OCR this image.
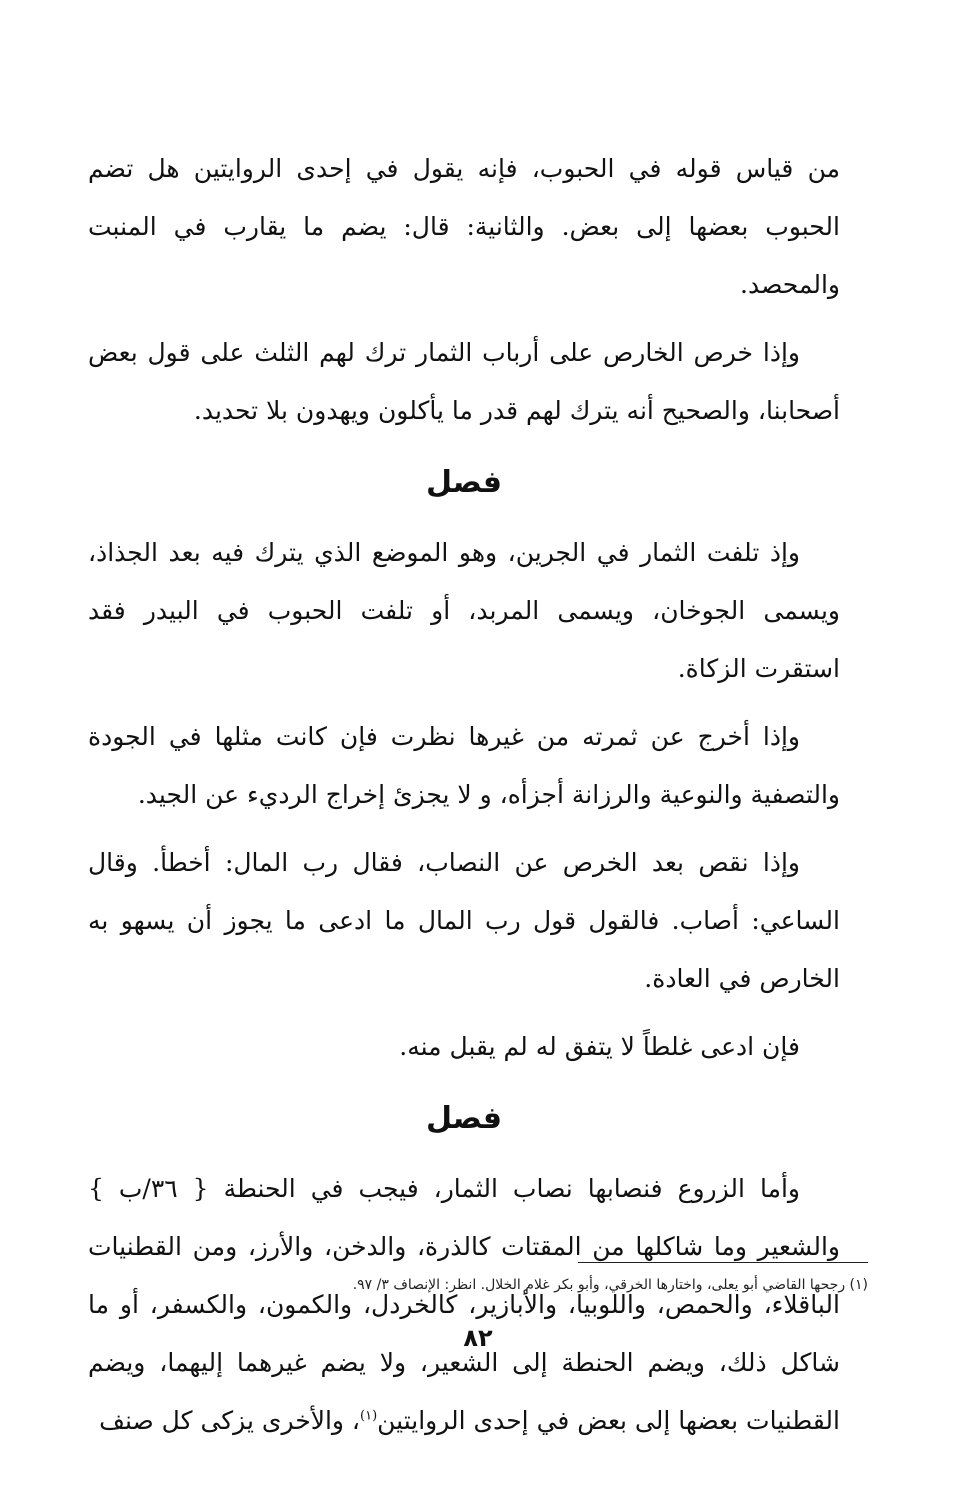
من قياس قوله في الحبوب، فإنه يقول في إحدى الروايتين هل تضم الحبوب بعضها إلى بعض. والثانية: قال: يضم ما يقارب في المنبت والمحصد.

وإذا خرص الخارص على أرباب الثمار ترك لهم الثلث على قول بعض أصحابنا، والصحيح أنه يترك لهم قدر ما يأكلون ويهدون بلا تحديد.

فصل

وإذ تلفت الثمار في الجرين، وهو الموضع الذي يترك فيه بعد الجذاذ، ويسمى الجوخان، ويسمى المربد، أو تلفت الحبوب في البيدر فقد استقرت الزكاة.

وإذا أخرج عن ثمرته من غيرها نظرت فإن كانت مثلها في الجودة والتصفية والنوعية والرزانة أجزأه، و لا يجزئ إخراج الرديء عن الجيد.

وإذا نقص بعد الخرص عن النصاب، فقال رب المال: أخطأ. وقال الساعي: أصاب. فالقول قول رب المال ما ادعى ما يجوز أن يسهو به الخارص في العادة.

فإن ادعى غلطاً لا يتفق له لم يقبل منه.

فصل

وأما الزروع فنصابها نصاب الثمار، فيجب في الحنطة { ٣٦/ب } والشعير وما شاكلها من المقتات كالذرة، والدخن، والأرز، ومن القطنيات الباقلاء، والحمص، واللوبيا، والأبازير، كالخردل، والكمون، والكسفر، أو ما شاكل ذلك، ويضم الحنطة إلى الشعير، ولا يضم غيرهما إليهما، ويضم القطنيات بعضها إلى بعض في إحدى الروايتين$^{(١)}$، والأخرى يزكى كل صنف

(١) رجحها القاضي أبو يعلى، واختارها الخرقي، وأبو بكر غلام الخلال. انظر: الإنصاف ٣/ ٩٧.
٨٢
